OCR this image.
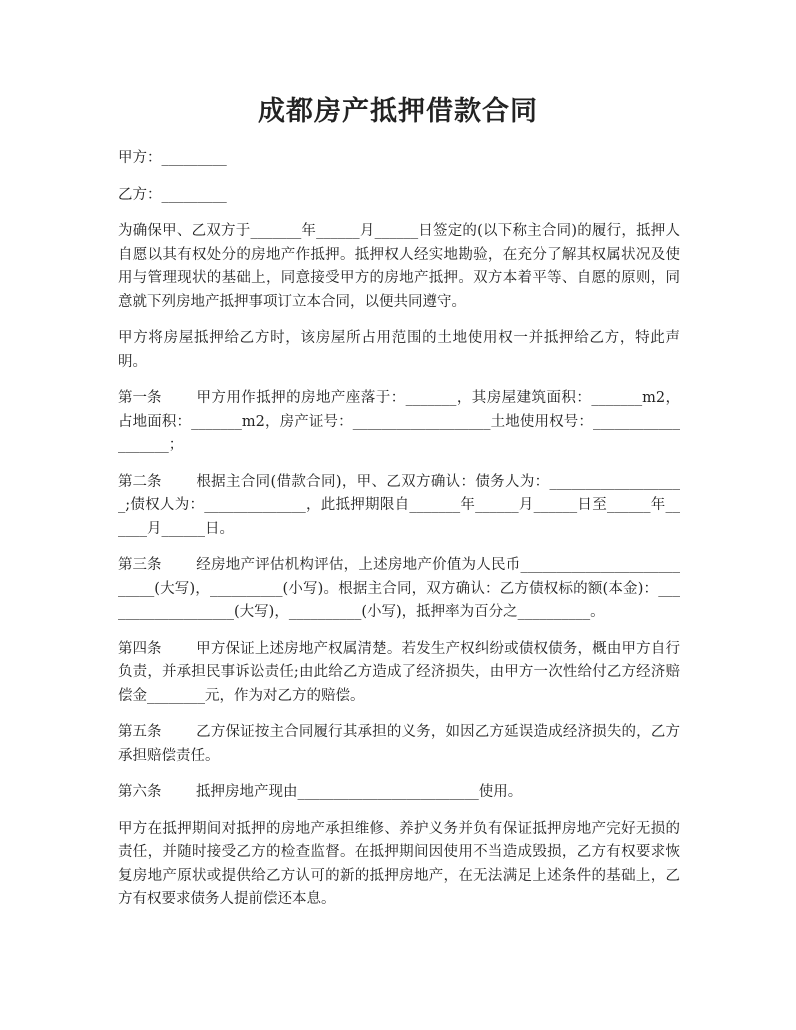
成都房产抵押借款合同

甲方：_________

乙方：_________

为确保甲、乙双方于_______年______月______日签定的(以下称主合同)的履行，抵押人自愿以其有权处分的房地产作抵押。抵押权人经实地勘验，在充分了解其权属状况及使用与管理现状的基础上，同意接受甲方的房地产抵押。双方本着平等、自愿的原则，同意就下列房地产抵押事项订立本合同，以便共同遵守。

甲方将房屋抵押给乙方时，该房屋所占用范围的土地使用权一并抵押给乙方，特此声明。

第一条 甲方用作抵押的房地产座落于：_______，其房屋建筑面积：_______m2，占地面积：_______m2，房产证号：___________________土地使用权号：___________________；

第二条 根据主合同(借款合同)，甲、乙双方确认：债务人为：___________________;债权人为：______________，此抵押期限自_______年______月______日至______年______月______日。

第三条 经房地产评估机构评估，上述房地产价值为人民币___________________________(大写)，__________(小写)。根据主合同，双方确认：乙方债权标的额(本金)：___________________(大写)，__________(小写)，抵押率为百分之__________。

第四条 甲方保证上述房地产权属清楚。若发生产权纠纷或债权债务，概由甲方自行负责，并承担民事诉讼责任;由此给乙方造成了经济损失，由甲方一次性给付乙方经济赔偿金________元，作为对乙方的赔偿。

第五条 乙方保证按主合同履行其承担的义务，如因乙方延误造成经济损失的，乙方承担赔偿责任。

第六条 抵押房地产现由_________________________使用。

甲方在抵押期间对抵押的房地产承担维修、养护义务并负有保证抵押房地产完好无损的责任，并随时接受乙方的检查监督。在抵押期间因使用不当造成毁损，乙方有权要求恢复房地产原状或提供给乙方认可的新的抵押房地产，在无法满足上述条件的基础上，乙方有权要求债务人提前偿还本息。
